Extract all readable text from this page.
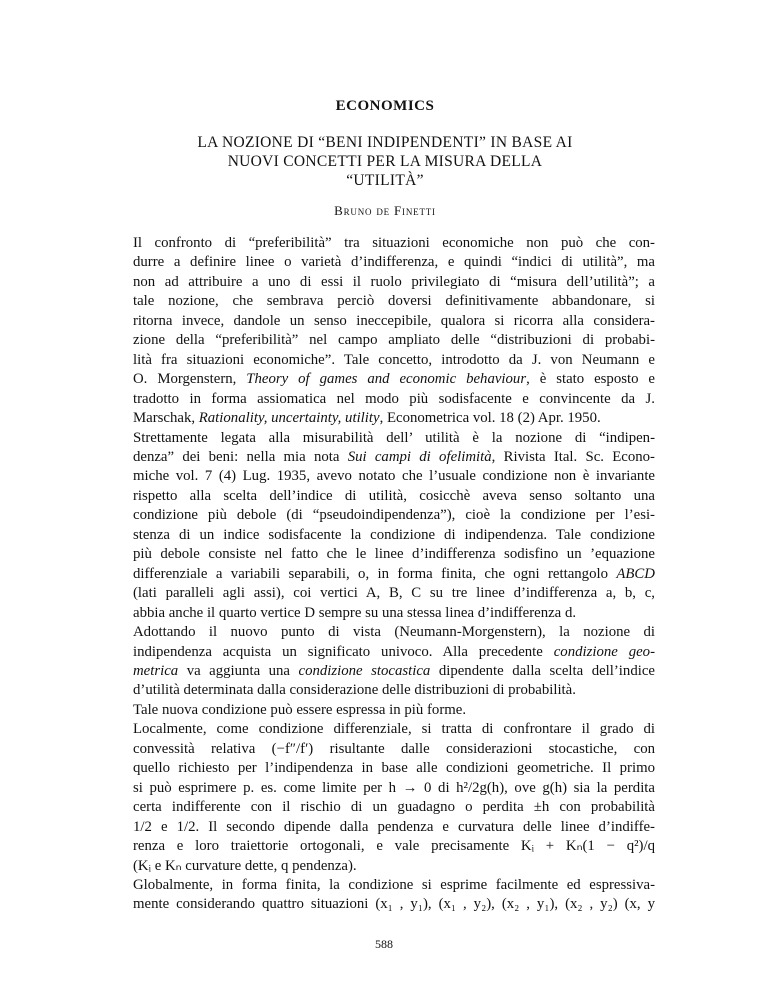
ECONOMICS
LA NOZIONE DI “BENI INDIPENDENTI” IN BASE AI
NUOVI CONCETTI PER LA MISURA DELLA
“UTILITÀ”
Bruno de Finetti

Il confronto di “preferibilità” tra situazioni economiche non può che con-
durre a definire linee o varietà d’indifferenza, e quindi “indici di utilità”, ma
non ad attribuire a uno di essi il ruolo privilegiato di “misura dell’utilità”; a
tale nozione, che sembrava perciò doversi definitivamente abbandonare, si
ritorna invece, dandole un senso ineccepibile, qualora si ricorra alla considera-
zione della “preferibilità” nel campo ampliato delle “distribuzioni di probabi-
lità fra situazioni economiche”. Tale concetto, introdotto da J. von Neumann e
O. Morgenstern, Theory of games and economic behaviour, è stato esposto e
tradotto in forma assiomatica nel modo più sodisfacente e convincente da J.
Marschak, Rationality, uncertainty, utility, Econometrica vol. 18 (2) Apr. 1950.

Strettamente legata alla misurabilità dell’ utilità è la nozione di “indipen-
denza” dei beni: nella mia nota Sui campi di ofelimità, Rivista Ital. Sc. Econo-
miche vol. 7 (4) Lug. 1935, avevo notato che l’usuale condizione non è invariante
rispetto alla scelta dell’indice di utilità, cosicchè aveva senso soltanto una
condizione più debole (di “pseudoindipendenza”), cioè la condizione per l’esi-
stenza di un indice sodisfacente la condizione di indipendenza. Tale condizione
più debole consiste nel fatto che le linee d’indifferenza sodisfino un ’equazione
differenziale a variabili separabili, o, in forma finita, che ogni rettangolo ABCD
(lati paralleli agli assi), coi vertici A, B, C su tre linee d’indifferenza a, b, c,
abbia anche il quarto vertice D sempre su una stessa linea d’indifferenza d.

Adottando il nuovo punto di vista (Neumann-Morgenstern), la nozione di
indipendenza acquista un significato univoco. Alla precedente condizione geo-
metrica va aggiunta una condizione stocastica dipendente dalla scelta dell’indice
d’utilità determinata dalla considerazione delle distribuzioni di probabilità.

Tale nuova condizione può essere espressa in più forme.

Localmente, come condizione differenziale, si tratta di confrontare il grado di
convessità relativa (−f″/f′) risultante dalle considerazioni stocastiche, con
quello richiesto per l’indipendenza in base alle condizioni geometriche. Il primo
si può esprimere p. es. come limite per h → 0 di h²/2g(h), ove g(h) sia la perdita
certa indifferente con il rischio di un guadagno o perdita ±h con probabilità
1/2 e 1/2. Il secondo dipende dalla pendenza e curvatura delle linee d’indiffe-
renza e loro traiettorie ortogonali, e vale precisamente Kᵢ + Kₙ(1 − q²)/q
(Kᵢ e Kₙ curvature dette, q pendenza).

Globalmente, in forma finita, la condizione si esprime facilmente ed espressiva-
mente considerando quattro situazioni (x₁ , y₁), (x₁ , y₂), (x₂ , y₁), (x₂ , y₂) (x, y

588
